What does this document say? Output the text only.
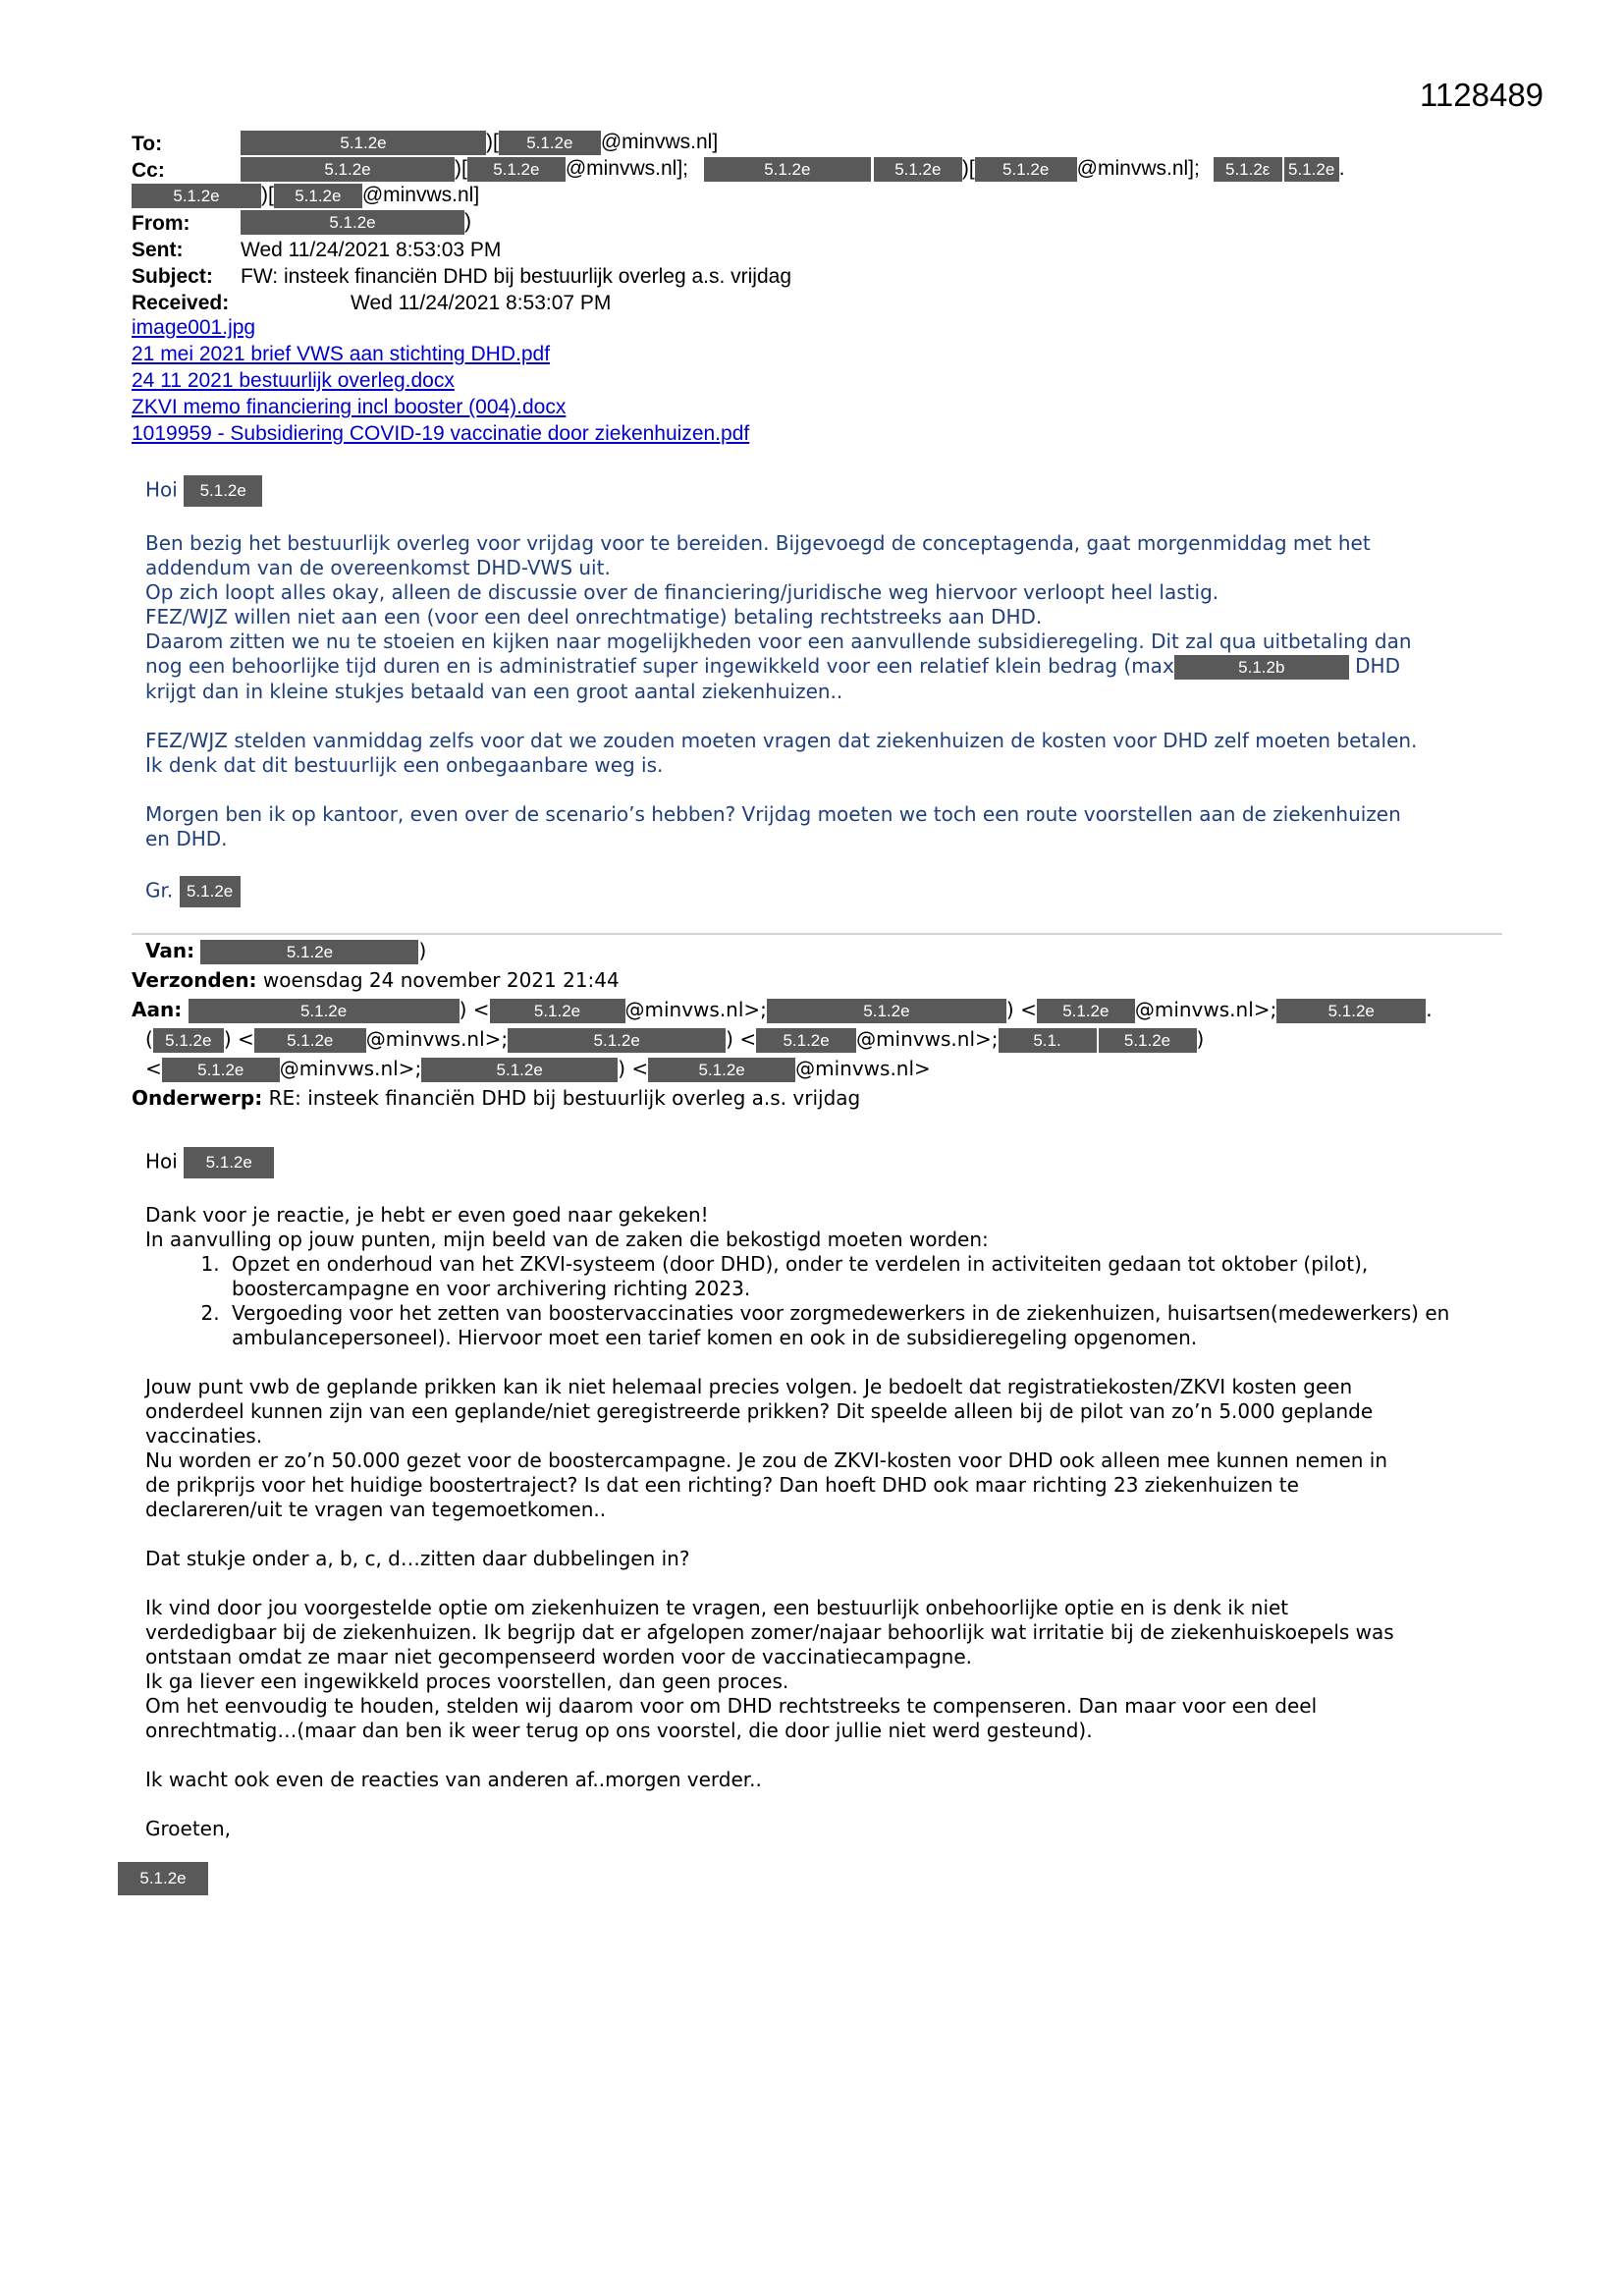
1128489
To:	5.1.2e	)[ 5.1.2e @minvws.nl]
Cc:	5.1.2e	)[ 5.1.2e @minvws.nl];	5.1.2e	5.1.2e )[ 5.1.2e @minvws.nl]; 5.1.2ε 5.1.2e .
5.1.2e )[ 5.1.2e @minvws.nl]
From:	5.1.2e	)
Sent:	Wed 11/24/2021 8:53:03 PM
Subject: FW: insteek financiën DHD bij bestuurlijk overleg a.s. vrijdag
Received:	Wed 11/24/2021 8:53:07 PM
image001.jpg
21 mei 2021 brief VWS aan stichting DHD.pdf
24 11 2021 bestuurlijk overleg.docx
ZKVI memo financiering incl booster (004).docx
1019959 - Subsidiering COVID-19 vaccinatie door ziekenhuizen.pdf

Hoi 5.1.2e

Ben bezig het bestuurlijk overleg voor vrijdag voor te bereiden. Bijgevoegd de conceptagenda, gaat morgenmiddag met het

addendum van de overeenkomst DHD-VWS uit.

Op zich loopt alles okay, alleen de discussie over de financiering/juridische weg hiervoor verloopt heel lastig.

FEZ/WJZ willen niet aan een (voor een deel onrechtmatige) betaling rechtstreeks aan DHD.

Daarom zitten we nu te stoeien en kijken naar mogelijkheden voor een aanvullende subsidieregeling. Dit zal qua uitbetaling dan

nog een behoorlijke tijd duren en is administratief super ingewikkeld voor een relatief klein bedrag (max	5.1.2b	DHD

krijgt dan in kleine stukjes betaald van een groot aantal ziekenhuizen..

FEZ/WJZ stelden vanmiddag zelfs voor dat we zouden moeten vragen dat ziekenhuizen de kosten voor DHD zelf moeten betalen.

Ik denk dat dit bestuurlijk een onbegaanbare weg is.

Morgen ben ik op kantoor, even over de scenario’s hebben? Vrijdag moeten we toch een route voorstellen aan de ziekenhuizen

en DHD.

Gr. 5.1.2e

Van:	5.1.2e	)
Verzonden: woensdag 24 november 2021 21:44
Aan:	5.1.2e	) <	5.1.2e @minvws.nl>;	5.1.2e	) < 5.1.2e @minvws.nl>;	5.1.2e	.
( 5.1.2e ) < 5.1.2e @minvws.nl>;	5.1.2e	) < 5.1.2e @minvws.nl>; 5.1.	5.1.2e )
< 5.1.2e @minvws.nl>;	5.1.2e	) <	5.1.2e	@minvws.nl>
Onderwerp: RE: insteek financiën DHD bij bestuurlijk overleg a.s. vrijdag

Hoi 5.1.2e

Dank voor je reactie, je hebt er even goed naar gekeken!

In aanvulling op jouw punten, mijn beeld van de zaken die bekostigd moeten worden:

1. Opzet en onderhoud van het ZKVI-systeem (door DHD), onder te verdelen in activiteiten gedaan tot oktober (pilot), boostercampagne en voor archivering richting 2023.
2. Vergoeding voor het zetten van boostervaccinaties voor zorgmedewerkers in de ziekenhuizen, huisartsen(medewerkers) en ambulancepersoneel). Hiervoor moet een tarief komen en ook in de subsidieregeling opgenomen.

Jouw punt vwb de geplande prikken kan ik niet helemaal precies volgen. Je bedoelt dat registratiekosten/ZKVI kosten geen

onderdeel kunnen zijn van een geplande/niet geregistreerde prikken? Dit speelde alleen bij de pilot van zo’n 5.000 geplande

vaccinaties.

Nu worden er zo’n 50.000 gezet voor de boostercampagne. Je zou de ZKVI-kosten voor DHD ook alleen mee kunnen nemen in

de prikprijs voor het huidige boostertraject? Is dat een richting? Dan hoeft DHD ook maar richting 23 ziekenhuizen te

declareren/uit te vragen van tegemoetkomen..

Dat stukje onder a, b, c, d…zitten daar dubbelingen in?

Ik vind door jou voorgestelde optie om ziekenhuizen te vragen, een bestuurlijk onbehoorlijke optie en is denk ik niet

verdedigbaar bij de ziekenhuizen. Ik begrijp dat er afgelopen zomer/najaar behoorlijk wat irritatie bij de ziekenhuiskoepels was

ontstaan omdat ze maar niet gecompenseerd worden voor de vaccinatiecampagne.

Ik ga liever een ingewikkeld proces voorstellen, dan geen proces.

Om het eenvoudig te houden, stelden wij daarom voor om DHD rechtstreeks te compenseren. Dan maar voor een deel

onrechtmatig…(maar dan ben ik weer terug op ons voorstel, die door jullie niet werd gesteund).

Ik wacht ook even de reacties van anderen af..morgen verder..

Groeten,

5.1.2e
